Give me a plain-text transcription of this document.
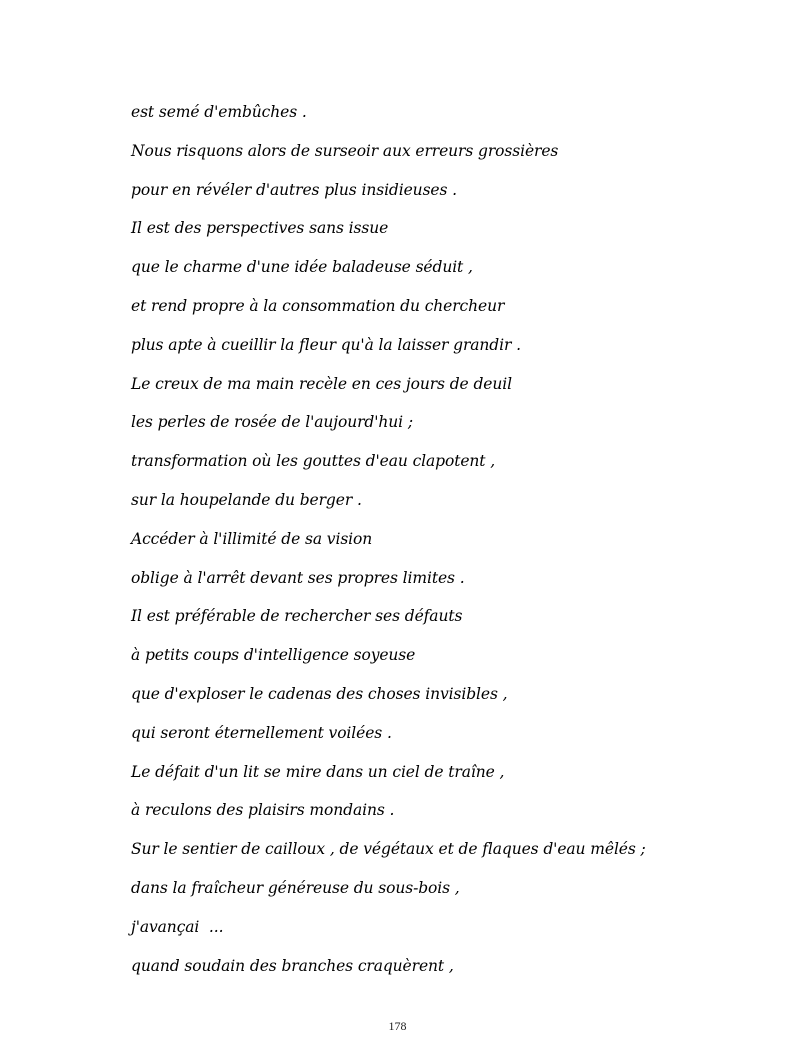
est semé d'embûches .
Nous risquons alors de surseoir aux erreurs grossières
pour en révéler d'autres plus insidieuses .
Il est des perspectives sans issue
que le charme d'une idée baladeuse séduit ,
et rend propre à la consommation du chercheur
plus apte à cueillir la fleur qu'à la laisser grandir .
Le creux de ma main recèle en ces jours de deuil
les perles de rosée de l'aujourd'hui ;
transformation où les gouttes d'eau clapotent ,
sur la houpelande du berger .
Accéder à l'illimité de sa vision
oblige à l'arrêt devant ses propres limites .
Il est préférable de rechercher ses défauts
à petits coups d'intelligence soyeuse
que d'exploser le cadenas des choses invisibles ,
qui seront éternellement voilées .
Le défait d'un lit se mire dans un ciel de traîne ,
à reculons des plaisirs mondains .
Sur le sentier de cailloux , de végétaux et de flaques d'eau mêlés ;
dans la fraîcheur généreuse du sous-bois ,
j'avançai  ...
quand soudain des branches craquèrent ,
178
